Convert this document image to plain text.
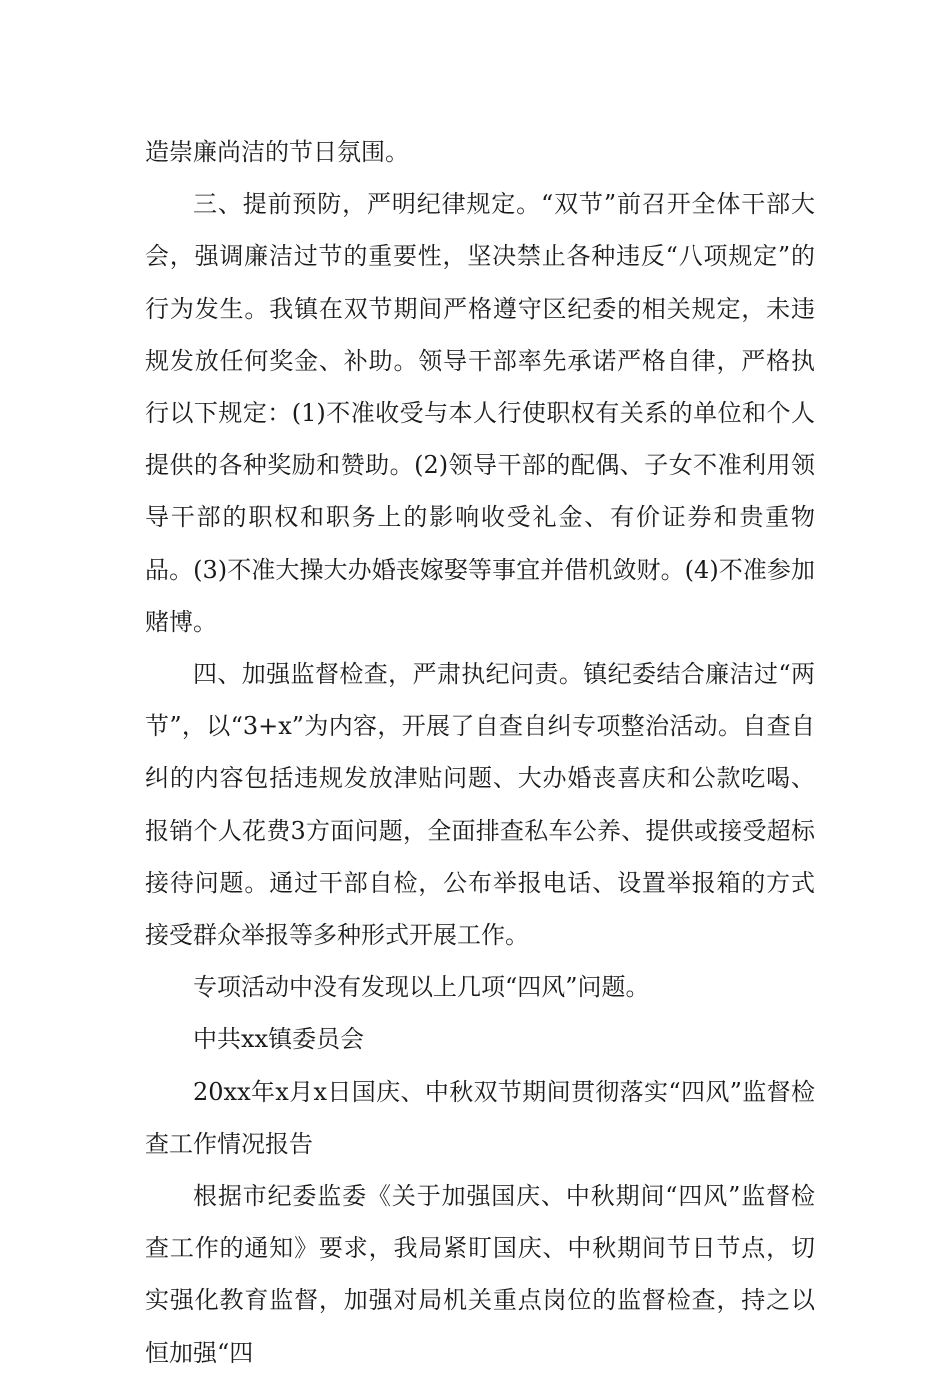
造崇廉尚洁的节日氛围。

三、提前预防，严明纪律规定。“双节”前召开全体干部大会，强调廉洁过节的重要性，坚决禁止各种违反“八项规定”的行为发生。我镇在双节期间严格遵守区纪委的相关规定，未违规发放任何奖金、补助。领导干部率先承诺严格自律，严格执行以下规定：(1)不准收受与本人行使职权有关系的单位和个人提供的各种奖励和赞助。(2)领导干部的配偶、子女不准利用领导干部的职权和职务上的影响收受礼金、有价证券和贵重物品。(3)不准大操大办婚丧嫁娶等事宜并借机敛财。(4)不准参加赌博。

四、加强监督检查，严肃执纪问责。镇纪委结合廉洁过“两节”，以“3+x”为内容，开展了自查自纠专项整治活动。自查自纠的内容包括违规发放津贴问题、大办婚丧喜庆和公款吃喝、报销个人花费3方面问题，全面排查私车公养、提供或接受超标接待问题。通过干部自检，公布举报电话、设置举报箱的方式接受群众举报等多种形式开展工作。

专项活动中没有发现以上几项“四风”问题。

中共xx镇委员会

20xx年x月x日国庆、中秋双节期间贯彻落实“四风”监督检查工作情况报告

根据市纪委监委《关于加强国庆、中秋期间“四风”监督检查工作的通知》要求，我局紧盯国庆、中秋期间节日节点，切实强化教育监督，加强对局机关重点岗位的监督检查，持之以恒加强“四
